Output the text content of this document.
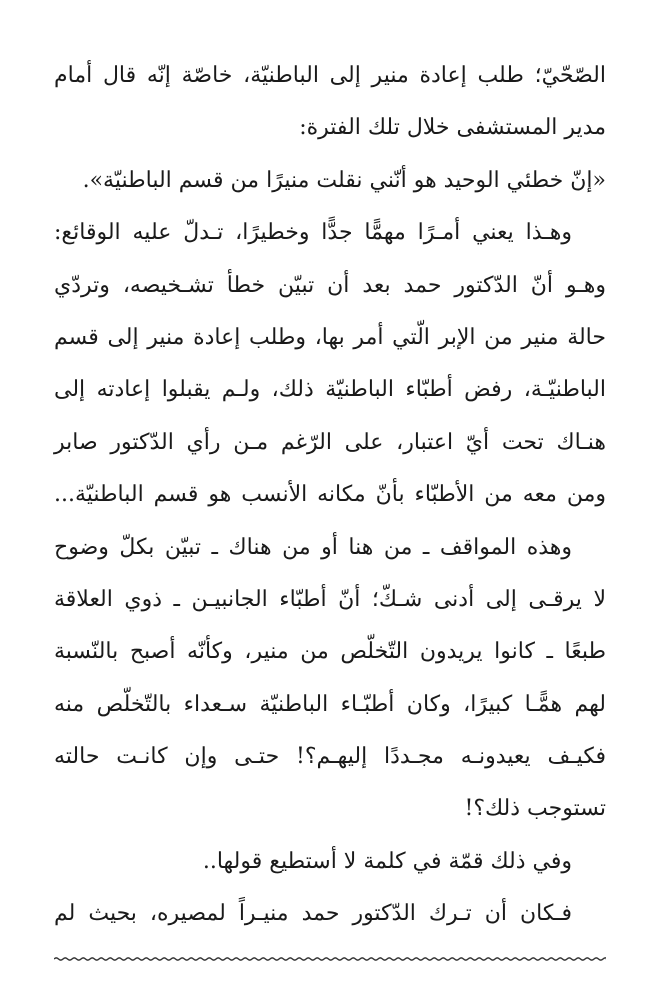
الصّحّيّ؛ طلب إعادة منير إلى الباطنيّة، خاصّة إنّه قال أمام
مدير المستشفى خلال تلك الفترة:
«إنّ خطئي الوحيد هو أنّني نقلت منيرًا من قسم الباطنيّة».
وهـذا يعني أمـرًا مهمًّا جدًّا وخطيرًا، تـدلّ عليه الوقائع:
وهـو أنّ الدّكتور حمد بعد أن تبيّن خطأ تشـخيصه، وتردّي
حالة منير من الإبر الّتي أمر بها، وطلب إعادة منير إلى قسم
الباطنيّـة، رفض أطبّاء الباطنيّة ذلك، ولـم يقبلوا إعادته إلى
هنـاك تحت أيّ اعتبار، على الرّغم مـن رأي الدّكتور صابر
ومن معه من الأطبّاء بأنّ مكانه الأنسب هو قسم الباطنيّة...
وهذه المواقف ـ من هنا أو من هناك ـ تبيّن بكلّ وضوح
لا يرقـى إلى أدنى شـكّ؛ أنّ أطبّاء الجانبيـن ـ ذوي العلاقة
طبعًا ـ كانوا يريدون التّخلّص من منير، وكأنّه أصبح بالنّسبة
لهم همًّـا كبيرًا، وكان أطبّـاء الباطنيّة سـعداء بالتّخلّص منه
فكيـف يعيدونـه مجـددًا إليهـم؟! حتـى وإن كانـت حالته
تستوجب ذلك؟!
وفي ذلك قمّة في كلمة لا أستطيع قولها..
فـكان أن تـرك الدّكتور حمد منيـراً لمصيره، بحيث لم
